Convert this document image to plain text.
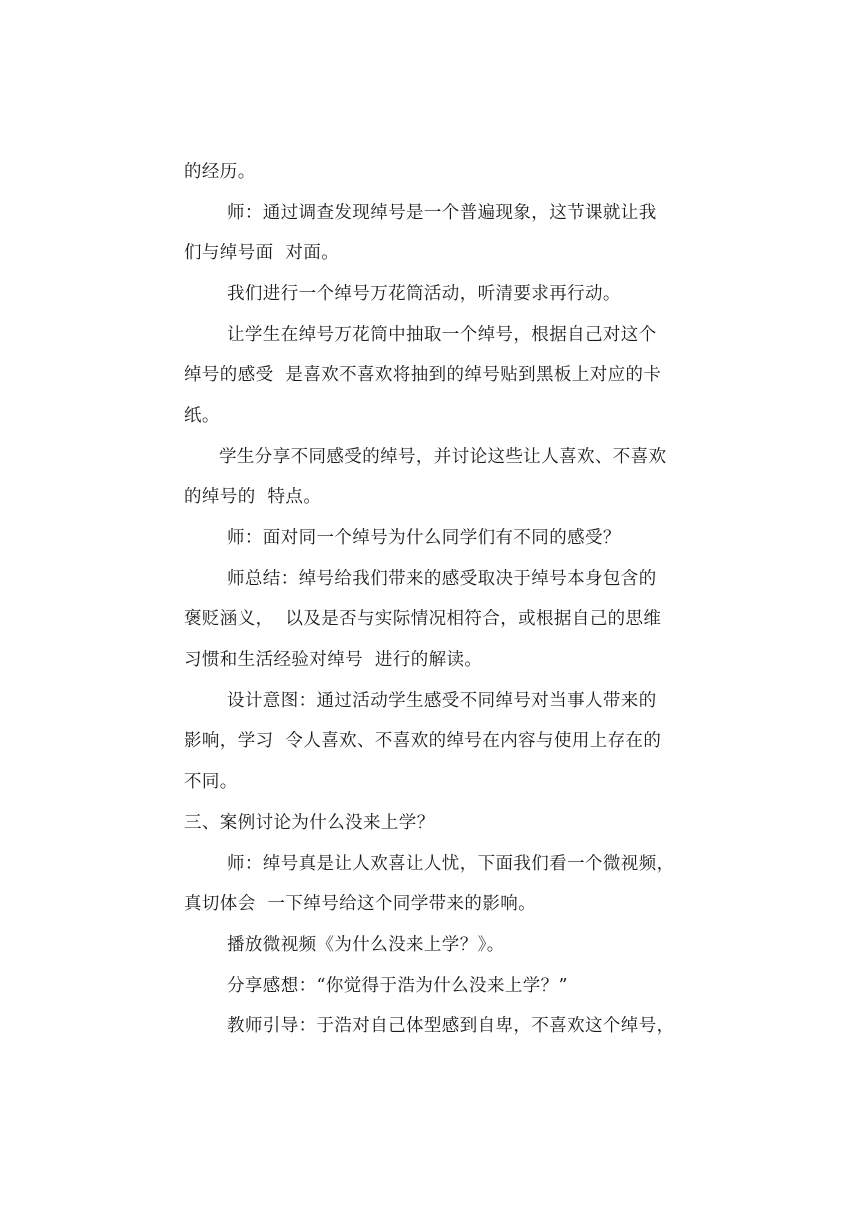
的经历。
师：通过调查发现绰号是一个普遍现象，这节课就让我
们与绰号面  对面。
我们进行一个绰号万花筒活动，听清要求再行动。
让学生在绰号万花筒中抽取一个绰号，根据自己对这个
绰号的感受  是喜欢不喜欢将抽到的绰号贴到黑板上对应的卡
纸。
学生分享不同感受的绰号，并讨论这些让人喜欢、不喜欢
的绰号的  特点。
师：面对同一个绰号为什么同学们有不同的感受？
师总结：绰号给我们带来的感受取决于绰号本身包含的
褒贬涵义，  以及是否与实际情况相符合，或根据自己的思维
习惯和生活经验对绰号  进行的解读。
设计意图：通过活动学生感受不同绰号对当事人带来的
影响，学习  令人喜欢、不喜欢的绰号在内容与使用上存在的
不同。
三、案例讨论为什么没来上学？
师：绰号真是让人欢喜让人忧，下面我们看一个微视频，
真切体会  一下绰号给这个同学带来的影响。
播放微视频《为什么没来上学？》。
分享感想：“你觉得于浩为什么没来上学？”
教师引导：于浩对自己体型感到自卑，不喜欢这个绰号，
